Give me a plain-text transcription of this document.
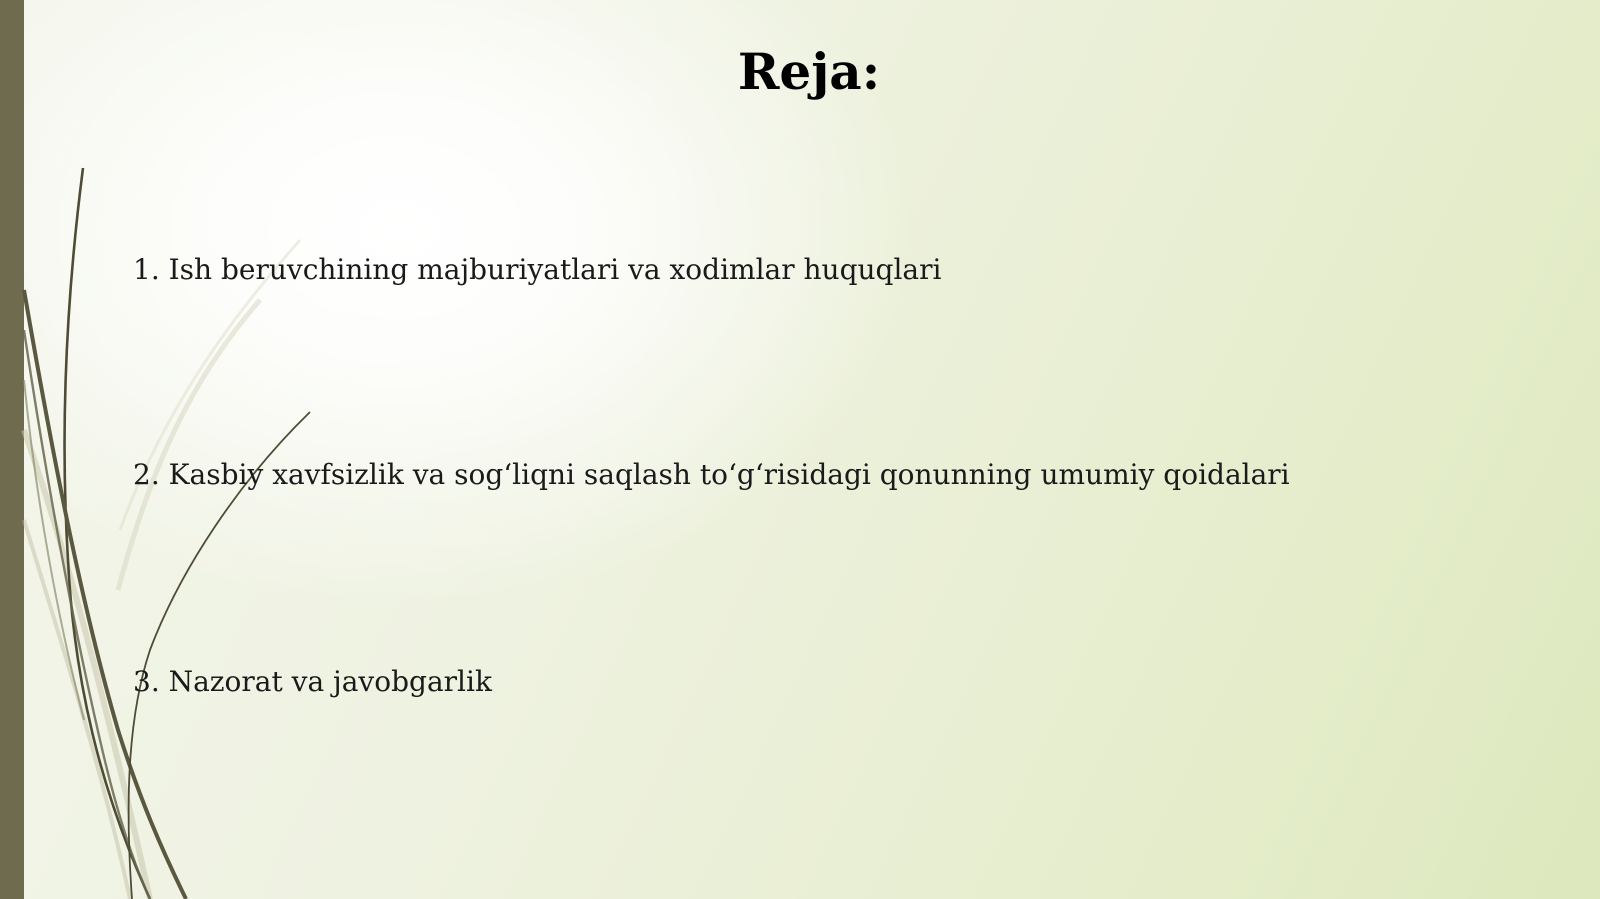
Reja:
1. Ish beruvchining majburiyatlari va xodimlar huquqlari
2. Kasbiy xavfsizlik va sog‘liqni saqlash to‘g‘risidagi qonunning umumiy qoidalari
3. Nazorat va javobgarlik
